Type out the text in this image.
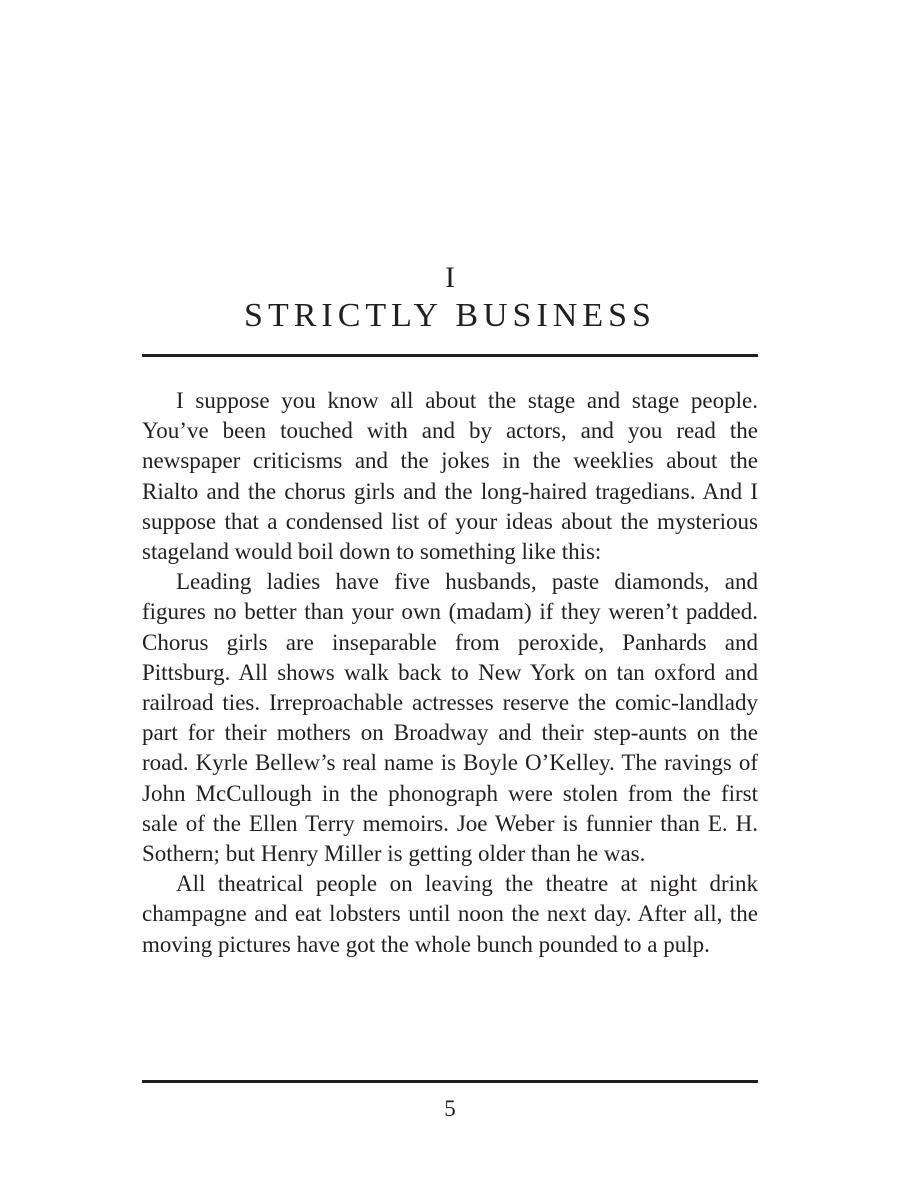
I
STRICTLY BUSINESS

I suppose you know all about the stage and stage people. You’ve been touched with and by actors, and you read the newspaper criticisms and the jokes in the weeklies about the Rialto and the chorus girls and the long-haired tragedians. And I suppose that a condensed list of your ideas about the mysterious stageland would boil down to something like this:

Leading ladies have five husbands, paste diamonds, and figures no better than your own (madam) if they weren’t padded. Chorus girls are inseparable from peroxide, Panhards and Pittsburg. All shows walk back to New York on tan oxford and railroad ties. Irreproachable actresses reserve the comic-landlady part for their mothers on Broadway and their step-aunts on the road. Kyrle Bellew’s real name is Boyle O’Kelley. The ravings of John McCullough in the phonograph were stolen from the first sale of the Ellen Terry memoirs. Joe Weber is funnier than E. H. Sothern; but Henry Miller is getting older than he was.

All theatrical people on leaving the theatre at night drink champagne and eat lobsters until noon the next day. After all, the moving pictures have got the whole bunch pounded to a pulp.

5
